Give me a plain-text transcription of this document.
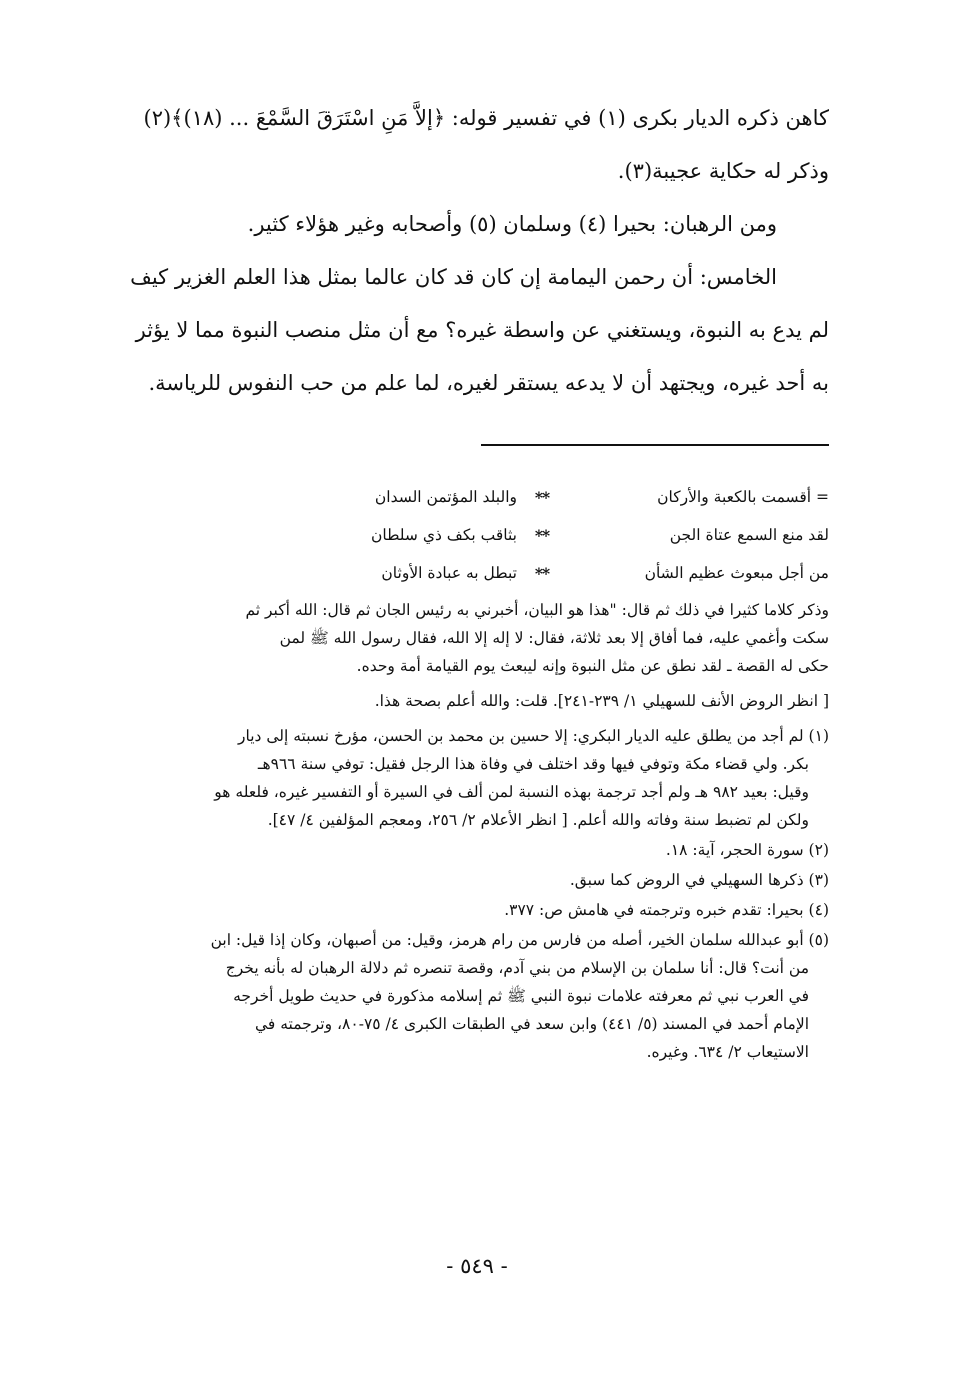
كاهن ذكره الديار بكرى (١) في تفسير قوله: ﴿إلاَّ مَنِ اسْتَرَقَ السَّمْعَ ... (١٨)﴾(٢)
وذكر له حكاية عجيبة(٣).
ومن الرهبان: بحيرا (٤) وسلمان (٥) وأصحابه وغير هؤلاء كثير.
الخامس: أن رحمن اليمامة إن كان قد كان عالما بمثل هذا العلم الغزير كيف
لم يدع به النبوة، ويستغني عن واسطة غيره؟ مع أن مثل منصب النبوة مما لا يؤثر
به أحد غيره، ويجتهد أن لا يدعه يستقر لغيره، لما علم من حب النفوس للرياسة.
= أقسمت بالكعبة والأركان
**
والبلد المؤتمن السدان
لقد منع السمع عتاة الجن
**
بثاقب بكف ذي سلطان
من أجل مبعوث عظيم الشأن
**
تبطل به عبادة الأوثان
وذكر كلاما كثيرا في ذلك ثم قال: "هذا هو البيان، أخبرني به رئيس الجان ثم قال: الله أكبر ثم
سكت وأغمي عليه، فما أفاق إلا بعد ثلاثة، فقال: لا إله إلا الله، فقال رسول الله ﷺ لمن
حكى له القصة ـ لقد نطق عن مثل النبوة وإنه ليبعث يوم القيامة أمة وحده.
[ انظر الروض الأنف للسهيلي ١/ ٢٣٩-٢٤١]. قلت: والله أعلم بصحة هذا.
(١) لم أجد من يطلق عليه الديار البكري: إلا حسين بن محمد بن الحسن، مؤرخ نسبته إلى ديار
بكر. ولي قضاء مكة وتوفي فيها وقد اختلف في وفاة هذا الرجل فقيل: توفي سنة ٩٦٦هـ
وقيل: بعيد ٩٨٢ هـ ولم أجد ترجمة بهذه النسبة لمن ألف في السيرة أو التفسير غيره، فلعله هو
ولكن لم تضبط سنة وفاته والله أعلم. [ انظر الأعلام ٢/ ٢٥٦، ومعجم المؤلفين ٤/ ٤٧].
(٢) سورة الحجر، آية: ١٨.
(٣) ذكرها السهيلي في الروض كما سبق.
(٤) بحيرا: تقدم خبره وترجمته في هامش ص: ٣٧٧.
(٥) أبو عبدالله سلمان الخير، أصله من فارس من رام هرمز، وقيل: من أصبهان، وكان إذا قيل: ابن
من أنت؟ قال: أنا سلمان بن الإسلام من بني آدم، وقصة تنصره ثم دلالة الرهبان له بأنه يخرج
في العرب نبي ثم معرفته علامات نبوة النبي ﷺ ثم إسلامه مذكورة في حديث طويل أخرجه
الإمام أحمد في المسند (٥/ ٤٤١) وابن سعد في الطبقات الكبرى ٤/ ٧٥-٨٠، وترجمته في
الاستيعاب ٢/ ٦٣٤. وغيره.
- ٥٤٩ -
